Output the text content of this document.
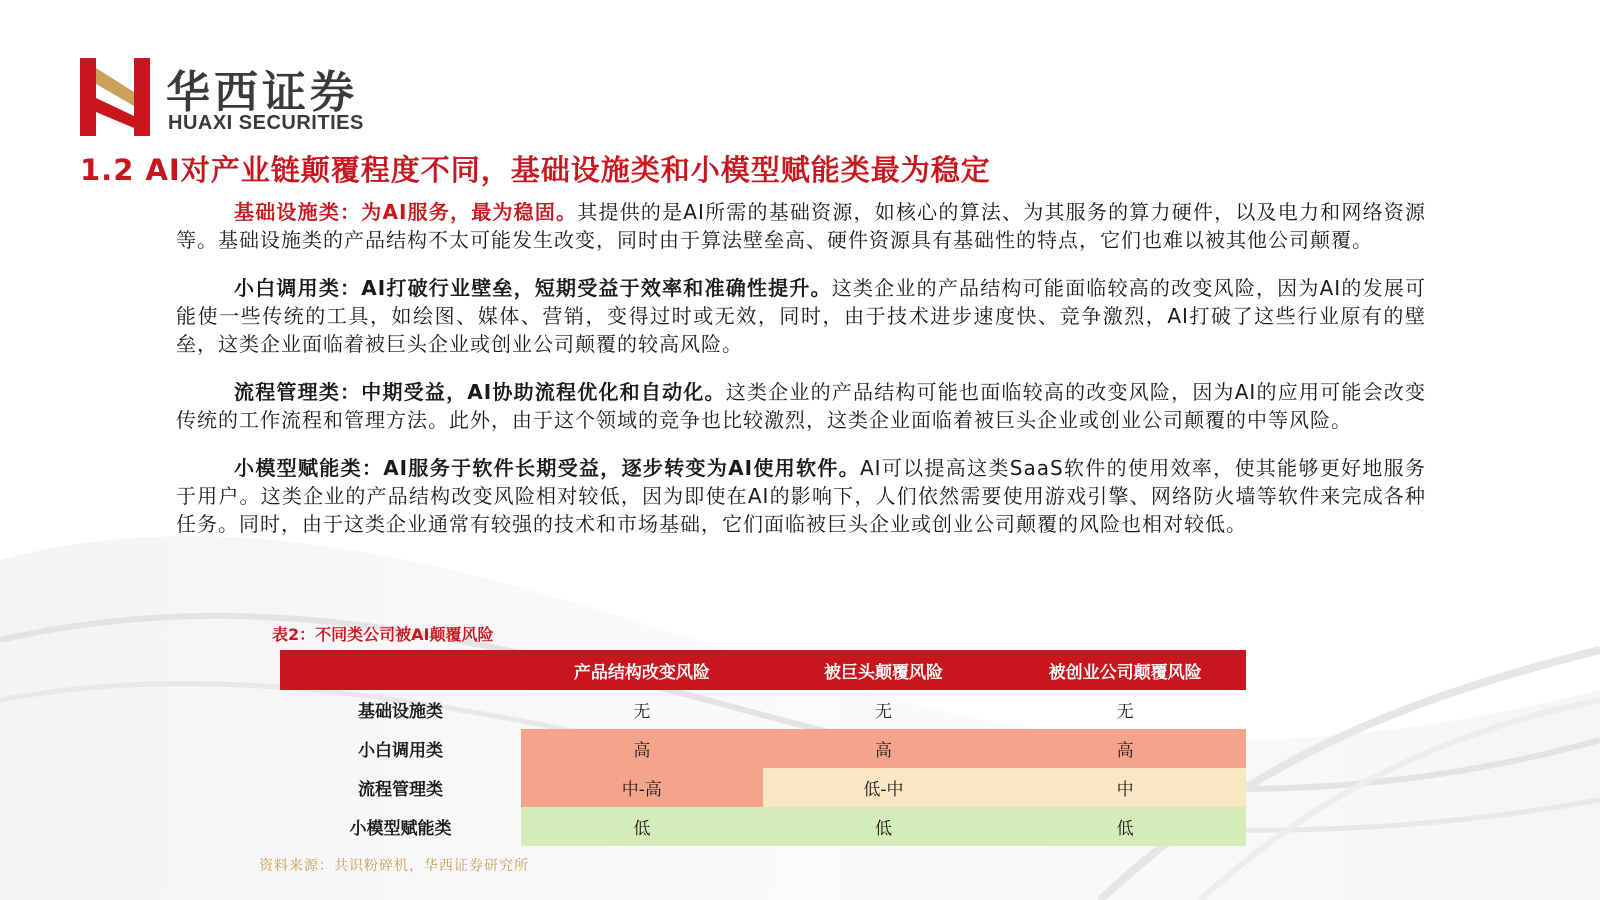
华西证券
HUAXI SECURITIES
1.2 AI对产业链颠覆程度不同，基础设施类和小模型赋能类最为稳定

基础设施类：为AI服务，最为稳固。其提供的是AI所需的基础资源，如核心的算法、为其服务的算力硬件，以及电力和网络资源等。基础设施类的产品结构不太可能发生改变，同时由于算法壁垒高、硬件资源具有基础性的特点，它们也难以被其他公司颠覆。

小白调用类：AI打破行业壁垒，短期受益于效率和准确性提升。这类企业的产品结构可能面临较高的改变风险，因为AI的发展可能使一些传统的工具，如绘图、媒体、营销，变得过时或无效，同时，由于技术进步速度快、竞争激烈，AI打破了这些行业原有的壁垒，这类企业面临着被巨头企业或创业公司颠覆的较高风险。

流程管理类：中期受益，AI协助流程优化和自动化。这类企业的产品结构可能也面临较高的改变风险，因为AI的应用可能会改变传统的工作流程和管理方法。此外，由于这个领域的竞争也比较激烈，这类企业面临着被巨头企业或创业公司颠覆的中等风险。

小模型赋能类：AI服务于软件长期受益，逐步转变为AI使用软件。AI可以提高这类SaaS软件的使用效率，使其能够更好地服务于用户。这类企业的产品结构改变风险相对较低，因为即使在AI的影响下，人们依然需要使用游戏引擎、网络防火墙等软件来完成各种任务。同时，由于这类企业通常有较强的技术和市场基础，它们面临被巨头企业或创业公司颠覆的风险也相对较低。

表2：不同类公司被AI颠覆风险
	产品结构改变风险	被巨头颠覆风险	被创业公司颠覆风险
基础设施类	无	无	无
小白调用类	高	高	高
流程管理类	中-高	低-中	中
小模型赋能类	低	低	低
资料来源：共识粉碎机，华西证券研究所
